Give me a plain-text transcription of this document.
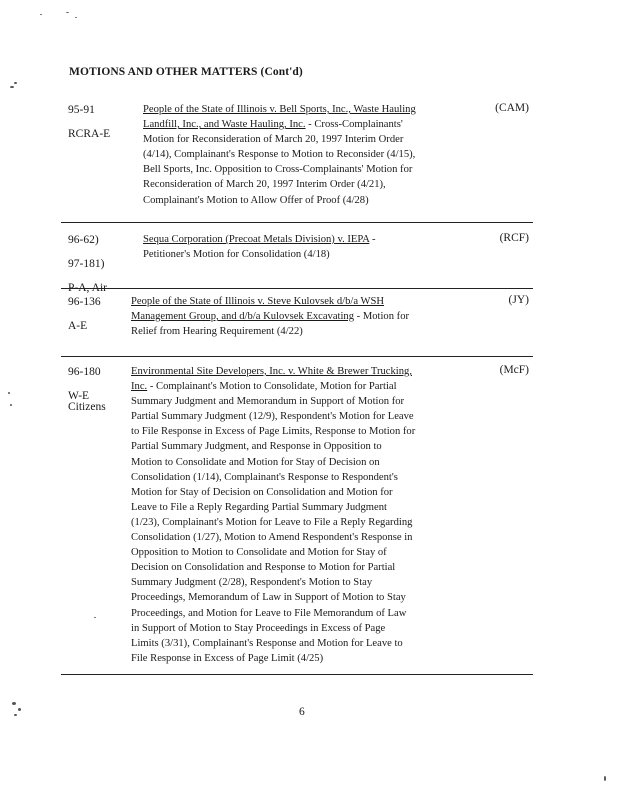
MOTIONS AND OTHER MATTERS (Cont'd)
95-91
RCRA-E
People of the State of Illinois v. Bell Sports, Inc., Waste Hauling
Landfill, Inc., and Waste Hauling, Inc. - Cross-Complainants'
Motion for Reconsideration of March 20, 1997 Interim Order
(4/14), Complainant's Response to Motion to Reconsider (4/15),
Bell Sports, Inc. Opposition to Cross-Complainants' Motion for
Reconsideration of March 20, 1997 Interim Order (4/21),
Complainant's Motion to Allow Offer of Proof (4/28)
(CAM)
96-62)
97-181)
P-A, Air
Sequa Corporation (Precoat Metals Division) v. IEPA -
Petitioner's Motion for Consolidation (4/18)
(RCF)
96-136
A-E
People of the State of Illinois v. Steve Kulovsek d/b/a WSH
Management Group, and d/b/a Kulovsek Excavating - Motion for
Relief from Hearing Requirement (4/22)
(JY)
96-180
W-E
Citizens
Environmental Site Developers, Inc. v. White & Brewer Trucking,
Inc. - Complainant's Motion to Consolidate, Motion for Partial
Summary Judgment and Memorandum in Support of Motion for
Partial Summary Judgment (12/9), Respondent's Motion for Leave
to File Response in Excess of Page Limits, Response to Motion for
Partial Summary Judgment, and Response in Opposition to
Motion to Consolidate and Motion for Stay of Decision on
Consolidation (1/14), Complainant's Response to Respondent's
Motion for Stay of Decision on Consolidation and Motion for
Leave to File a Reply Regarding Partial Summary Judgment
(1/23), Complainant's Motion for Leave to File a Reply Regarding
Consolidation (1/27), Motion to Amend Respondent's Response in
Opposition to Motion to Consolidate and Motion for Stay of
Decision on Consolidation and Response to Motion for Partial
Summary Judgment (2/28), Respondent's Motion to Stay
Proceedings, Memorandum of Law in Support of Motion to Stay
Proceedings, and Motion for Leave to File Memorandum of Law
in Support of Motion to Stay Proceedings in Excess of Page
Limits (3/31), Complainant's Response and Motion for Leave to
File Response in Excess of Page Limit (4/25)
(McF)
6
